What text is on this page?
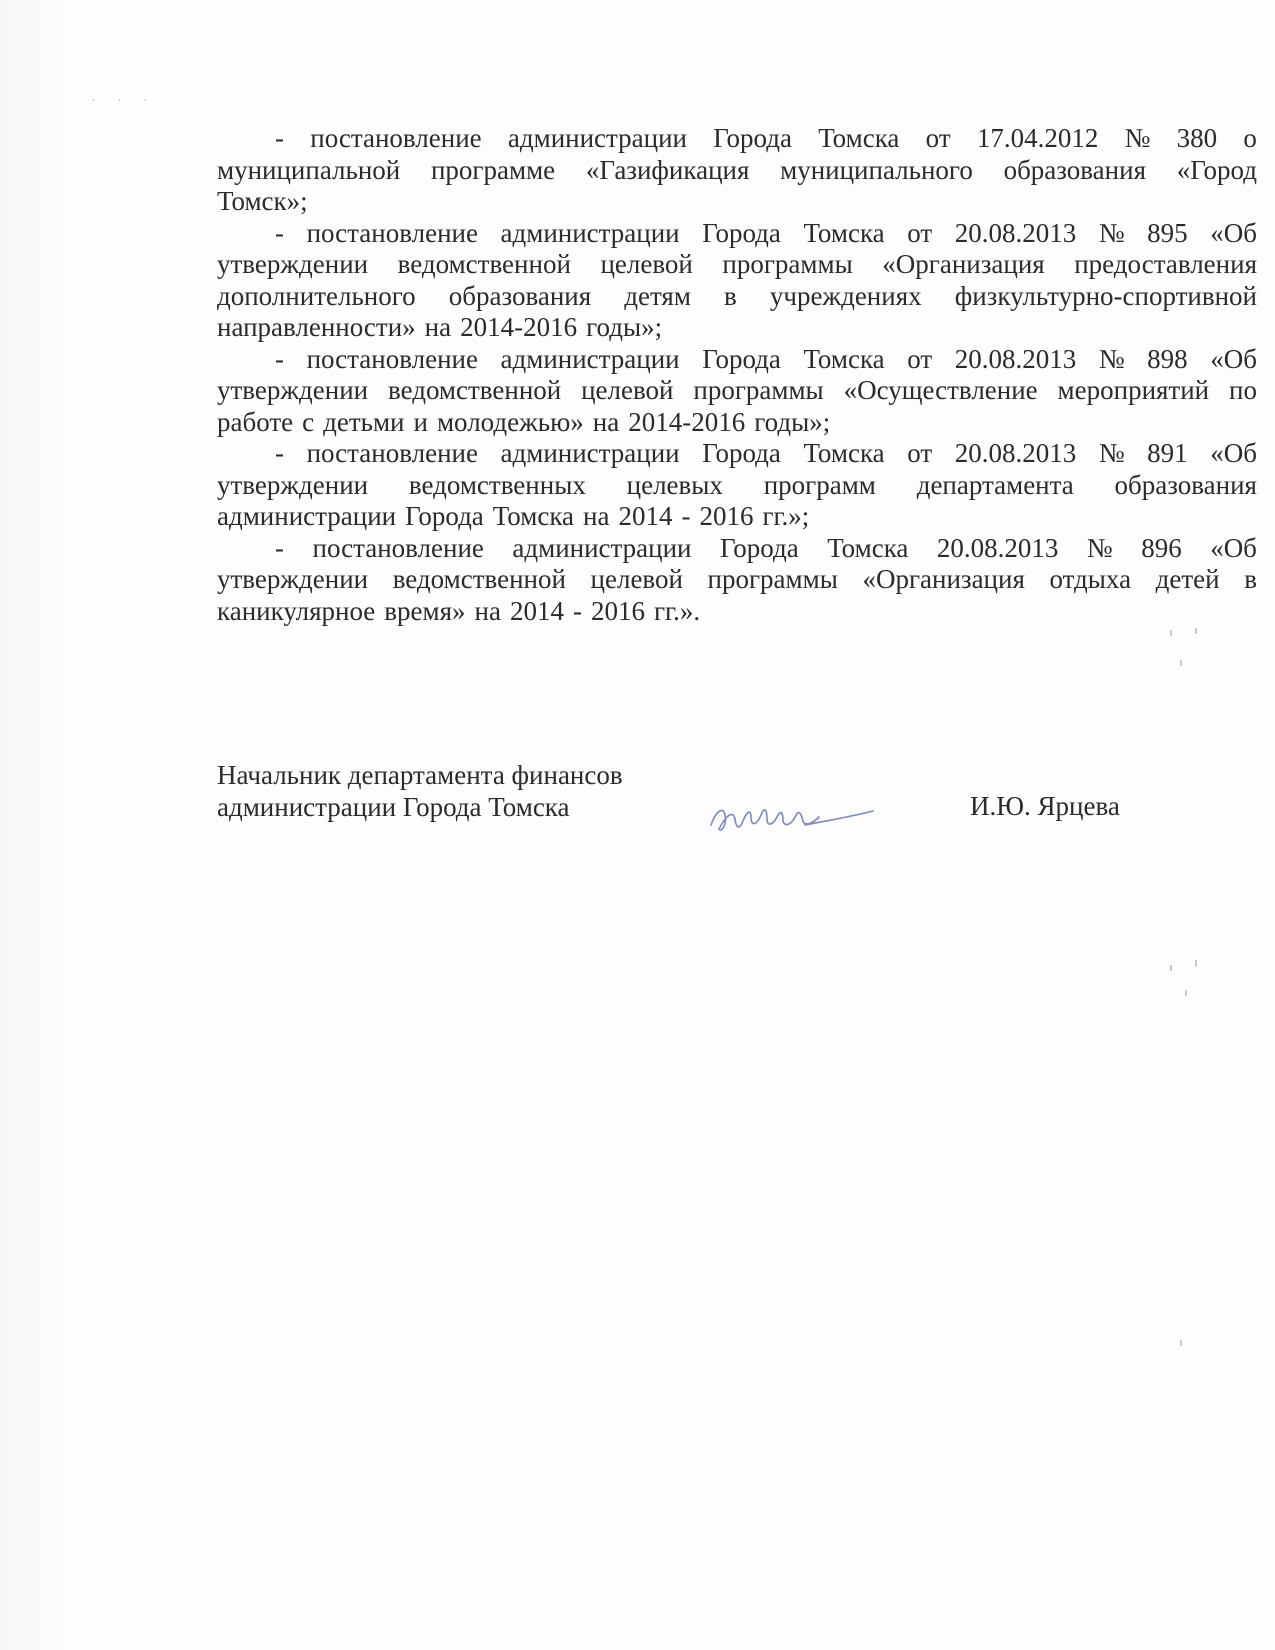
· · ·
- постановление администрации Города Томска от 17.04.2012 № 380 о
муниципальной программе «Газификация муниципального образования «Город
Томск»;
- постановление администрации Города Томска от 20.08.2013 № 895 «Об
утверждении ведомственной целевой программы «Организация предоставления
дополнительного образования детям в учреждениях физкультурно-спортивной
направленности» на 2014-2016 годы»;
- постановление администрации Города Томска от 20.08.2013 № 898 «Об
утверждении ведомственной целевой программы «Осуществление мероприятий по
работе с детьми и молодежью» на 2014-2016 годы»;
- постановление администрации Города Томска от 20.08.2013 № 891 «Об
утверждении ведомственных целевых программ департамента образования
администрации Города Томска на 2014 - 2016 гг.»;
- постановление администрации Города Томска 20.08.2013 № 896 «Об
утверждении ведомственной целевой программы «Организация отдыха детей в
каникулярное время» на 2014 - 2016 гг.».
Начальник департамента финансов
администрации Города Томска	И.Ю. Ярцева
